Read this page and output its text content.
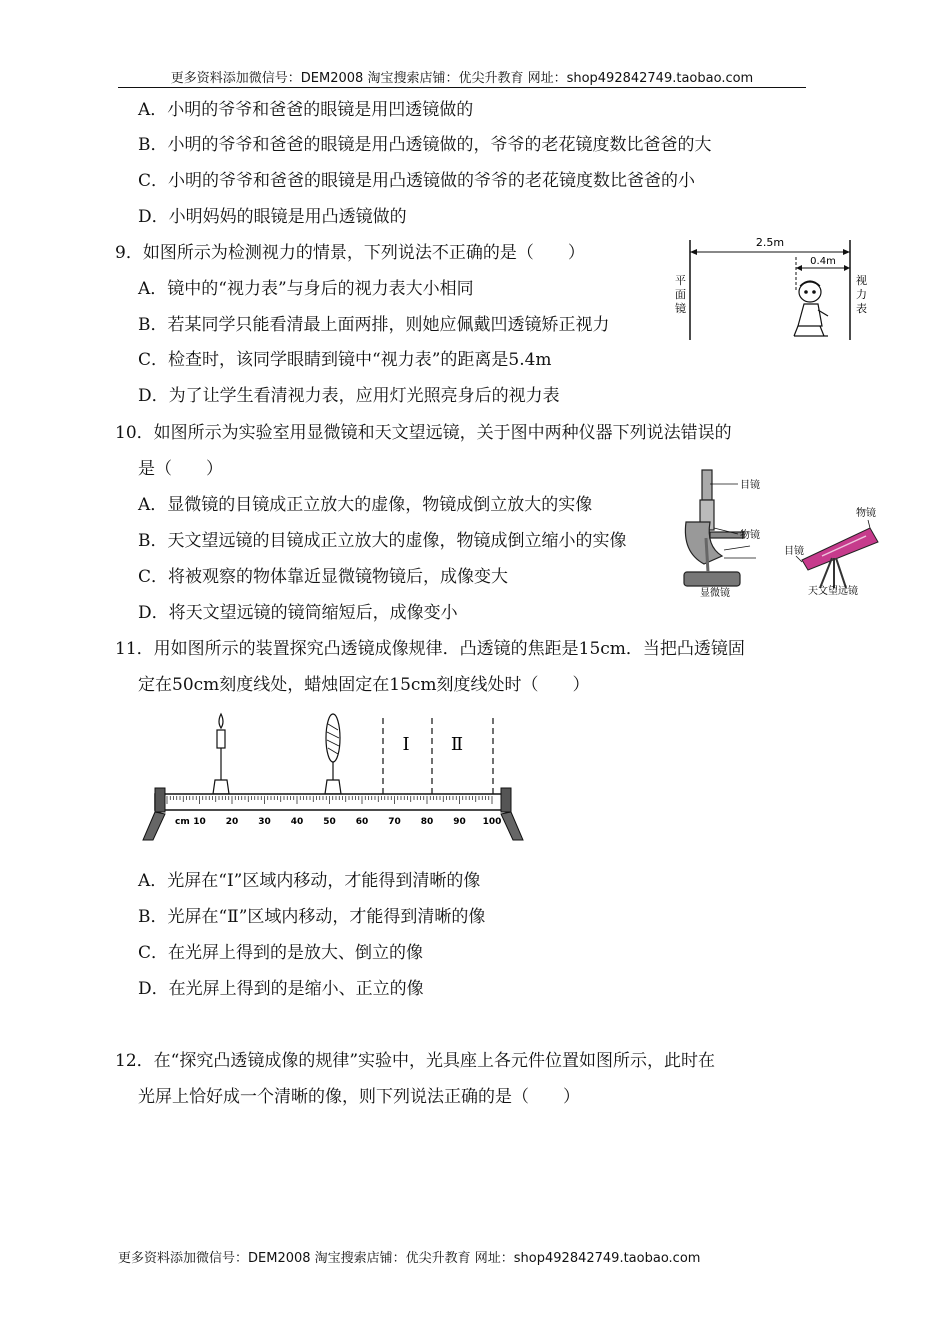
更多资料添加微信号：DEM2008 淘宝搜索店铺：优尖升教育 网址：shop492842749.taobao.com
A．小明的爷爷和爸爸的眼镜是用凹透镜做的
B．小明的爷爷和爸爸的眼镜是用凸透镜做的，爷爷的老花镜度数比爸爸的大
C．小明的爷爷和爸爸的眼镜是用凸透镜做的爷爷的老花镜度数比爸爸的小
D．小明妈妈的眼镜是用凸透镜做的
9．如图所示为检测视力的情景，下列说法不正确的是（　　）
A．镜中的“视力表”与身后的视力表大小相同
B．若某同学只能看清最上面两排，则她应佩戴凹透镜矫正视力
C．检查时，该同学眼睛到镜中“视力表”的距离是5.4m
D．为了让学生看清视力表，应用灯光照亮身后的视力表
2.5m
0.4m
平面镜
视力表
10．如图所示为实验室用显微镜和天文望远镜，关于图中两种仪器下列说法错误的
是（　　）
A．显微镜的目镜成正立放大的虚像，物镜成倒立放大的实像
B．天文望远镜的目镜成正立放大的虚像，物镜成倒立缩小的实像
C．将被观察的物体靠近显微镜物镜后，成像变大
D．将天文望远镜的镜筒缩短后，成像变小
目镜
物镜
显微镜
物镜
目镜
天文望远镜
11．用如图所示的装置探究凸透镜成像规律．凸透镜的焦距是15cm．当把凸透镜固
定在50cm刻度线处，蜡烛固定在15cm刻度线处时（　　）
Ⅰ Ⅱ
cm 10 20 30 40 50 60 70 80 90 100
A．光屏在“Ⅰ”区域内移动，才能得到清晰的像
B．光屏在“Ⅱ”区域内移动，才能得到清晰的像
C．在光屏上得到的是放大、倒立的像
D．在光屏上得到的是缩小、正立的像
12．在“探究凸透镜成像的规律”实验中，光具座上各元件位置如图所示，此时在
光屏上恰好成一个清晰的像，则下列说法正确的是（　　）
更多资料添加微信号：DEM2008 淘宝搜索店铺：优尖升教育 网址：shop492842749.taobao.com
